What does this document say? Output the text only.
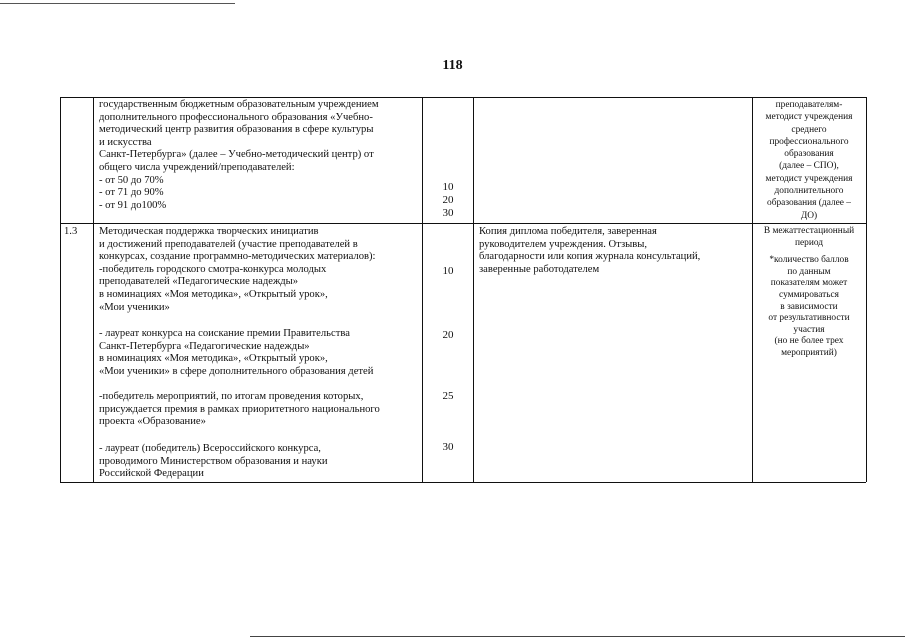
118
государственным бюджетным образовательным учреждением
дополнительного профессионального образования «Учебно-
методический центр развития образования в сфере культуры
и искусства
Санкт-Петербурга» (далее – Учебно-методический центр) от
общего числа учреждений/преподавателей:
- от 50 до 70%
- от 71 до 90%
- от 91 до100%
10
20
30
преподавателям-
методист учреждения
среднего
профессионального
образования
(далее – СПО),
методист учреждения
дополнительного
образования (далее –
ДО)
1.3	Методическая поддержка творческих инициатив
и достижений преподавателей (участие преподавателей в
конкурсах, создание программно-методических материалов):
-победитель городского смотра-конкурса молодых
преподавателей «Педагогические надежды»
в номинациях «Моя методика», «Открытый урок»,
«Мои ученики»
- лауреат конкурса на соискание премии Правительства
Санкт-Петербурга «Педагогические надежды»
в номинациях «Моя методика», «Открытый урок»,
«Мои ученики» в сфере дополнительного образования детей
-победитель мероприятий, по итогам проведения которых,
присуждается премия в рамках приоритетного национального
проекта «Образование»
- лауреат (победитель) Всероссийского конкурса,
проводимого Министерством образования и науки
Российской Федерации
10
20
25
30
Копия диплома победителя, заверенная
руководителем учреждения. Отзывы,
благодарности или копия журнала консультаций,
заверенные работодателем
В межаттестационный
период
*количество баллов
по данным
показателям может
суммироваться
в зависимости
от результативности
участия
(но не более трех
мероприятий)
